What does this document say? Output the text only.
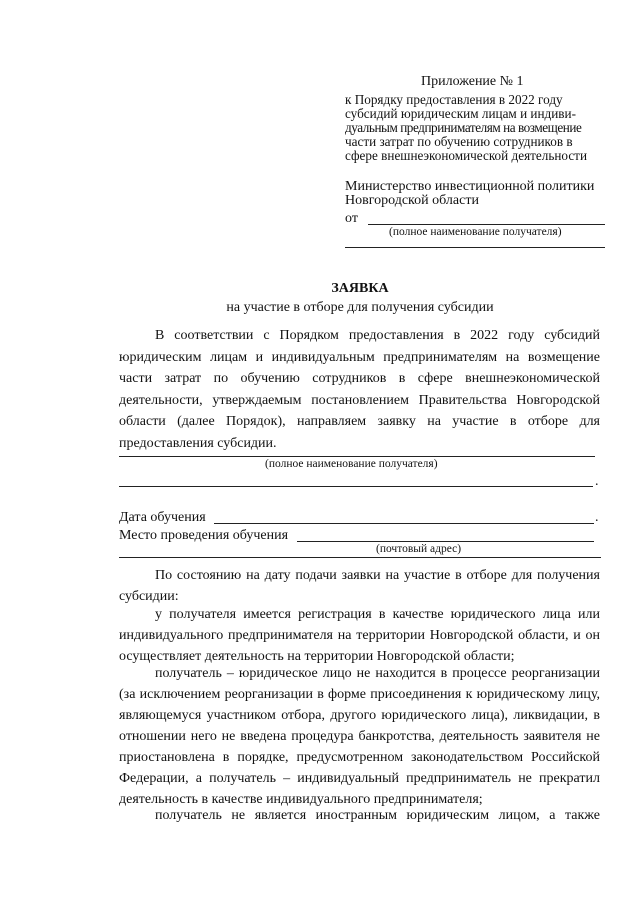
Приложение № 1
к Порядку предоставления в 2022 году
субсидий юридическим лицам и индиви-
дуальным предпринимателям на возмещение
части затрат по обучению сотрудников в
сфере внешнеэкономической деятельности
Министерство инвестиционной политики
Новгородской области
от
(полное наименование получателя)
ЗАЯВКА
на участие в отборе для получения субсидии
В соответствии с Порядком предоставления в 2022 году субсидий юридическим лицам и индивидуальным предпринимателям на возмещение части затрат по обучению сотрудников в сфере внешнеэкономической деятельности, утверждаемым постановлением Правительства Новгородской области (далее Порядок), направляем заявку на участие в отборе для предоставления субсидии.
(полное наименование получателя)
.
Дата обучения	.
Место проведения обучения
(почтовый адрес)
По состоянию на дату подачи заявки на участие в отборе для получения субсидии:
у получателя имеется регистрация в качестве юридического лица или индивидуального предпринимателя на территории Новгородской области, и он осуществляет деятельность на территории Новгородской области;
получатель – юридическое лицо не находится в процессе реорганизации (за исключением реорганизации в форме присоединения к юридическому лицу, являющемуся участником отбора, другого юридического лица), ликвидации, в отношении него не введена процедура банкротства, деятельность заявителя не приостановлена в порядке, предусмотренном законодательством Российской Федерации, а получатель – индивидуальный предприниматель не прекратил деятельность в качестве индивидуального предпринимателя;
получатель не является иностранным юридическим лицом, а также
